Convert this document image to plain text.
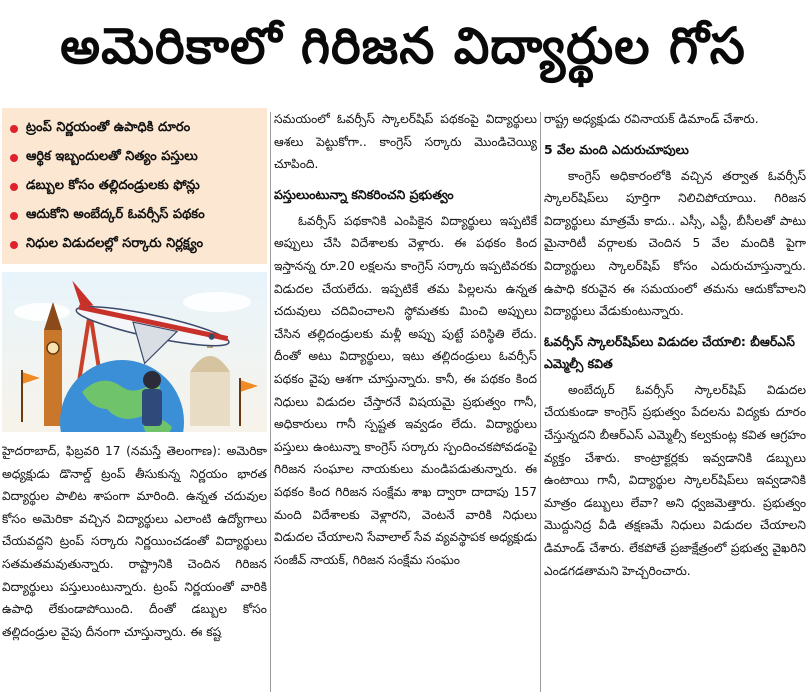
అమెరికాలో గిరిజన విద్యార్థుల గోస
ట్రంప్ నిర్ణయంతో ఉపాధికి దూరం
ఆర్థిక ఇబ్బందులతో నిత్యం పస్తులు
డబ్బుల కోసం తల్లిదండ్రులకు ఫోన్లు
ఆదుకోని అంబేద్కర్ ఓవర్సీస్ పథకం
నిధుల విడుదలల్లో సర్కారు నిర్లక్ష్యం

హైదరాబాద్, ఫిబ్రవరి 17 (నమస్తే తెలంగాణ): అమెరికా అధ్యక్షుడు డొనాల్డ్ ట్రంప్ తీసుకున్న నిర్ణయం భారత విద్యార్థుల పాలిట శాపంగా మారింది. ఉన్నత చదువుల కోసం అమెరికా వచ్చిన విద్యార్థులు ఎలాంటి ఉద్యోగాలు చేయవద్దని ట్రంప్ సర్కారు నిర్ణయించడంతో విద్యార్థులు సతమతమవుతున్నారు. రాష్ట్రానికి చెందిన గిరిజన విద్యార్థులు పస్తులుంటున్నారు. ట్రంప్ నిర్ణయంతో వారికి ఉపాధి లేకుండాపోయింది. దీంతో డబ్బుల కోసం తల్లిదండ్రుల వైపు దీనంగా చూస్తున్నారు. ఈ కష్ట

సమయంలో ఓవర్సీస్ స్కాలర్‌షిప్ పథకంపై విద్యార్థులు ఆశలు పెట్టుకోగా.. కాంగ్రెస్ సర్కారు మొండిచెయ్యి చూపింది.

పస్తులుంటున్నా కనికరించని ప్రభుత్వం

ఓవర్సీస్ పథకానికి ఎంపికైన విద్యార్థులు ఇప్పటికే అప్పులు చేసి విదేశాలకు వెళ్లారు. ఈ పథకం కింద ఇస్తానన్న రూ.20 లక్షలను కాంగ్రెస్ సర్కారు ఇప్పటివరకు విడుదల చేయలేదు. ఇప్పటికే తమ పిల్లలను ఉన్నత చదువులు చదివించాలని స్థోమతకు మించి అప్పులు చేసిన తల్లిదండ్రులకు మళ్లీ అప్పు పుట్టే పరిస్థితి లేదు. దీంతో అటు విద్యార్థులు, ఇటు తల్లిదండ్రులు ఓవర్సీస్ పథకం వైపు ఆశగా చూస్తున్నారు. కానీ, ఈ పథకం కింద నిధులు విడుదల చేస్తారనే విషయమై ప్రభుత్వం గానీ, అధికారులు గానీ స్పష్టత ఇవ్వడం లేదు. విద్యార్థులు పస్తులు ఉంటున్నా కాంగ్రెస్ సర్కారు స్పందించకపోవడంపై గిరిజన సంఘాల నాయకులు మండిపడుతున్నారు. ఈ పథకం కింద గిరిజన సంక్షేమ శాఖ ద్వారా దాదాపు 157 మంది విదేశాలకు వెళ్లారని, వెంటనే వారికి నిధులు విడుదల చేయాలని సేవాలాల్ సేవ వ్యవస్థాపక అధ్యక్షుడు సంజీవ్ నాయక్, గిరిజన సంక్షేమ సంఘం

రాష్ట్ర అధ్యక్షుడు రవినాయక్ డిమాండ్ చేశారు.

5 వేల మంది ఎదురుచూపులు

కాంగ్రెస్ అధికారంలోకి వచ్చిన తర్వాత ఓవర్సీస్ స్కాలర్‌షిప్‌లు పూర్తిగా నిలిచిపోయాయి. గిరిజన విద్యార్థులు మాత్రమే కాదు.. ఎస్సీ, ఎస్టీ, బీసీలతో పాటు మైనారిటీ వర్గాలకు చెందిన 5 వేల మందికి పైగా విద్యార్థులు స్కాలర్‌షిప్ కోసం ఎదురుచూస్తున్నారు. ఉపాధి కరువైన ఈ సమయంలో తమను ఆదుకోవాలని విద్యార్థులు వేడుకుంటున్నారు.

ఓవర్సీస్ స్కాలర్‌షిప్‌లు విడుదల చేయాలి: బీఆర్ఎస్ ఎమ్మెల్సీ కవిత

అంబేద్కర్ ఓవర్సీస్ స్కాలర్‌షిప్ విడుదల చేయకుండా కాంగ్రెస్ ప్రభుత్వం పేదలను విద్యకు దూరం చేస్తున్నదని బీఆర్ఎస్ ఎమ్మెల్సీ కల్వకుంట్ల కవిత ఆగ్రహం వ్యక్తం చేశారు. కాంట్రాక్టర్లకు ఇవ్వడానికి డబ్బులు ఉంటాయి గానీ, విద్యార్థుల స్కాలర్‌షిప్‌లు ఇవ్వడానికి మాత్రం డబ్బులు లేవా? అని ధ్వజమెత్తారు. ప్రభుత్వం మొద్దునిద్ర వీడి తక్షణమే నిధులు విడుదల చేయాలని డిమాండ్ చేశారు. లేకపోతే ప్రజాక్షేత్రంలో ప్రభుత్వ వైఖరిని ఎండగడతామని హెచ్చరించారు.
